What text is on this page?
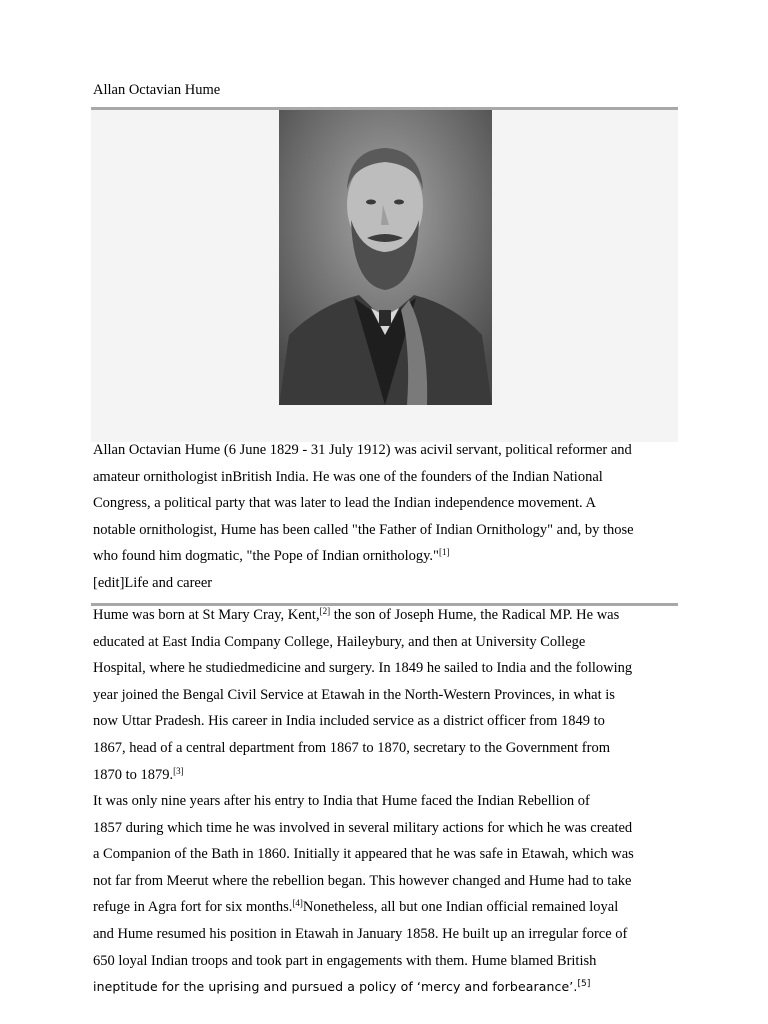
Allan Octavian Hume

Allan Octavian Hume (6 June 1829 - 31 July 1912) was acivil servant, political reformer and

amateur ornithologist inBritish India. He was one of the founders of the Indian National

Congress, a political party that was later to lead the Indian independence movement. A

notable ornithologist, Hume has been called "the Father of Indian Ornithology" and, by those

who found him dogmatic, "the Pope of Indian ornithology."[1]

[edit]Life and career

Hume was born at St Mary Cray, Kent,[2] the son of Joseph Hume, the Radical MP. He was

educated at East India Company College, Haileybury, and then at University College

Hospital, where he studiedmedicine and surgery. In 1849 he sailed to India and the following

year joined the Bengal Civil Service at Etawah in the North-Western Provinces, in what is

now Uttar Pradesh. His career in India included service as a district officer from 1849 to

1867, head of a central department from 1867 to 1870, secretary to the Government from

1870 to 1879.[3]

It was only nine years after his entry to India that Hume faced the Indian Rebellion of

1857 during which time he was involved in several military actions for which he was created

a Companion of the Bath in 1860. Initially it appeared that he was safe in Etawah, which was

not far from Meerut where the rebellion began. This however changed and Hume had to take

refuge in Agra fort for six months.[4]Nonetheless, all but one Indian official remained loyal

and Hume resumed his position in Etawah in January 1858. He built up an irregular force of

650 loyal Indian troops and took part in engagements with them. Hume blamed British

ineptitude for the uprising and pursued a policy of ‘mercy and forbearance’.[5]
